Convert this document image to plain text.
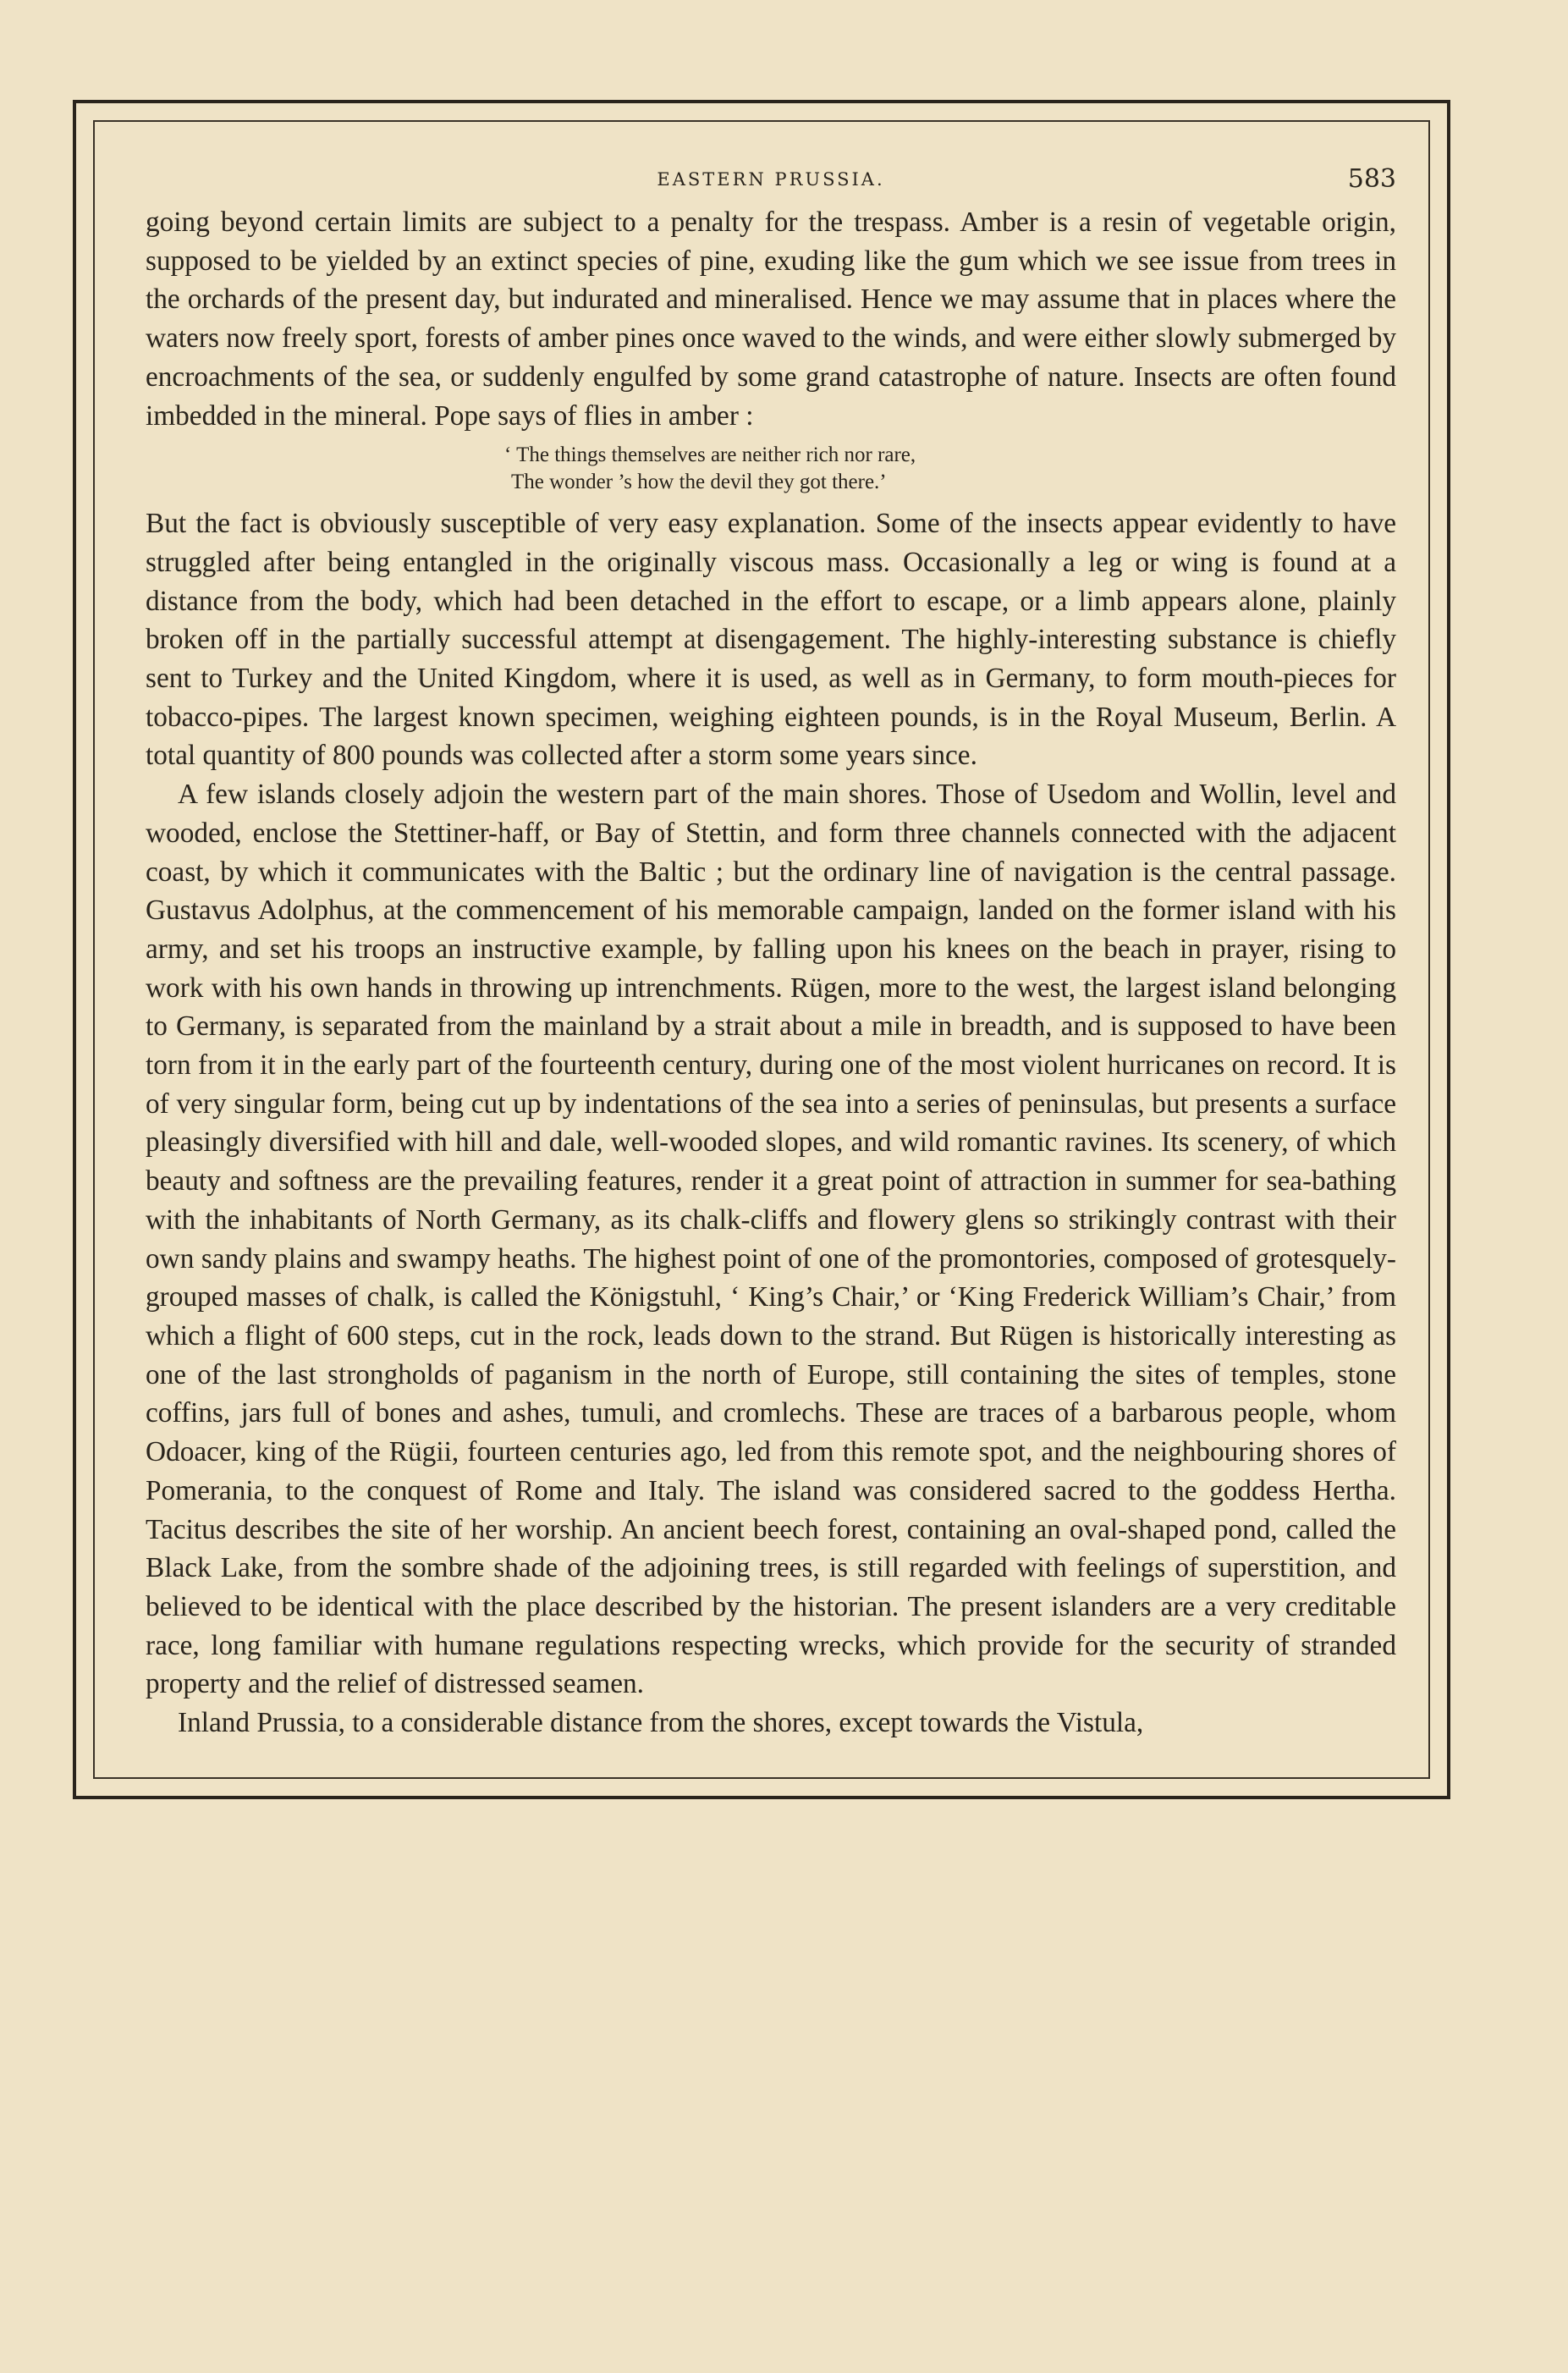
EASTERN PRUSSIA.	583

going beyond certain limits are subject to a penalty for the trespass. Amber is a resin of vegetable origin, supposed to be yielded by an extinct species of pine, exuding like the gum which we see issue from trees in the orchards of the present day, but indurated and mineralised. Hence we may assume that in places where the waters now freely sport, forests of amber pines once waved to the winds, and were either slowly submerged by encroachments of the sea, or suddenly engulfed by some grand catastrophe of nature. Insects are often found imbedded in the mineral. Pope says of flies in amber :

‘ The things themselves are neither rich nor rare,
The wonder ’s how the devil they got there.’

But the fact is obviously susceptible of very easy explanation. Some of the insects appear evidently to have struggled after being entangled in the originally viscous mass. Occasionally a leg or wing is found at a distance from the body, which had been detached in the effort to escape, or a limb appears alone, plainly broken off in the partially successful attempt at disengagement. The highly-interesting substance is chiefly sent to Turkey and the United Kingdom, where it is used, as well as in Germany, to form mouth-pieces for tobacco-pipes. The largest known specimen, weighing eighteen pounds, is in the Royal Museum, Berlin. A total quantity of 800 pounds was collected after a storm some years since.

A few islands closely adjoin the western part of the main shores. Those of Usedom and Wollin, level and wooded, enclose the Stettiner-haff, or Bay of Stettin, and form three channels connected with the adjacent coast, by which it communicates with the Baltic ; but the ordinary line of navigation is the central passage. Gustavus Adolphus, at the commencement of his memorable campaign, landed on the former island with his army, and set his troops an instructive example, by falling upon his knees on the beach in prayer, rising to work with his own hands in throwing up intrenchments. Rügen, more to the west, the largest island belonging to Germany, is separated from the mainland by a strait about a mile in breadth, and is supposed to have been torn from it in the early part of the fourteenth century, during one of the most violent hurricanes on record. It is of very singular form, being cut up by indentations of the sea into a series of peninsulas, but presents a surface pleasingly diversified with hill and dale, well-wooded slopes, and wild romantic ravines. Its scenery, of which beauty and softness are the prevailing features, render it a great point of attraction in summer for sea-bathing with the inhabitants of North Germany, as its chalk-cliffs and flowery glens so strikingly contrast with their own sandy plains and swampy heaths. The highest point of one of the promontories, composed of grotesquely-grouped masses of chalk, is called the Königstuhl, ‘ King’s Chair,’ or ‘King Frederick William’s Chair,’ from which a flight of 600 steps, cut in the rock, leads down to the strand. But Rügen is historically interesting as one of the last strongholds of paganism in the north of Europe, still containing the sites of temples, stone coffins, jars full of bones and ashes, tumuli, and cromlechs. These are traces of a barbarous people, whom Odoacer, king of the Rügii, fourteen centuries ago, led from this remote spot, and the neighbouring shores of Pomerania, to the conquest of Rome and Italy. The island was considered sacred to the goddess Hertha. Tacitus describes the site of her worship. An ancient beech forest, containing an oval-shaped pond, called the Black Lake, from the sombre shade of the adjoining trees, is still regarded with feelings of superstition, and believed to be identical with the place described by the historian. The present islanders are a very creditable race, long familiar with humane regulations respecting wrecks, which provide for the security of stranded property and the relief of distressed seamen.

Inland Prussia, to a considerable distance from the shores, except towards the Vistula,
